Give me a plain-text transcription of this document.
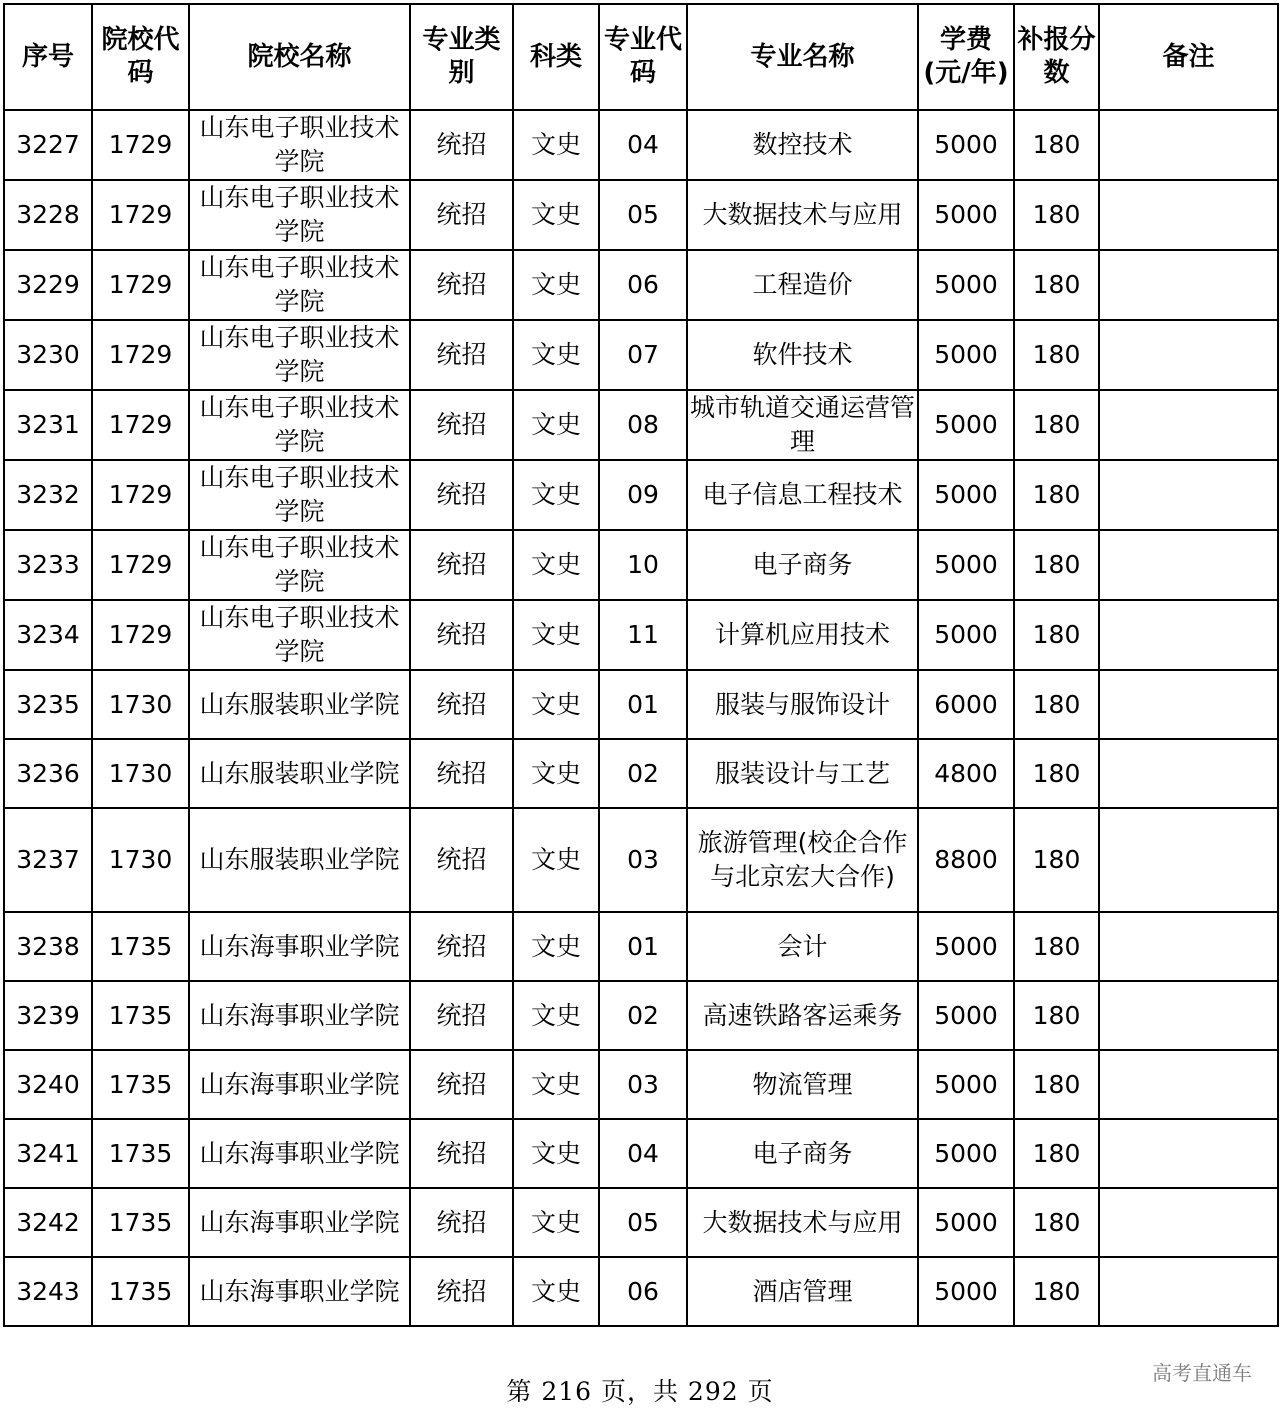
序号	院校代码	院校名称	专业类别	科类	专业代码	专业名称	学费(元/年)	补报分数	备注
3227	1729	山东电子职业技术学院	统招	文史	04	数控技术	5000	180	
3228	1729	山东电子职业技术学院	统招	文史	05	大数据技术与应用	5000	180	
3229	1729	山东电子职业技术学院	统招	文史	06	工程造价	5000	180	
3230	1729	山东电子职业技术学院	统招	文史	07	软件技术	5000	180	
3231	1729	山东电子职业技术学院	统招	文史	08	城市轨道交通运营管理	5000	180	
3232	1729	山东电子职业技术学院	统招	文史	09	电子信息工程技术	5000	180	
3233	1729	山东电子职业技术学院	统招	文史	10	电子商务	5000	180	
3234	1729	山东电子职业技术学院	统招	文史	11	计算机应用技术	5000	180	
3235	1730	山东服装职业学院	统招	文史	01	服装与服饰设计	6000	180	
3236	1730	山东服装职业学院	统招	文史	02	服装设计与工艺	4800	180	
3237	1730	山东服装职业学院	统招	文史	03	旅游管理(校企合作与北京宏大合作)	8800	180	
3238	1735	山东海事职业学院	统招	文史	01	会计	5000	180	
3239	1735	山东海事职业学院	统招	文史	02	高速铁路客运乘务	5000	180	
3240	1735	山东海事职业学院	统招	文史	03	物流管理	5000	180	
3241	1735	山东海事职业学院	统招	文史	04	电子商务	5000	180	
3242	1735	山东海事职业学院	统招	文史	05	大数据技术与应用	5000	180	
3243	1735	山东海事职业学院	统招	文史	06	酒店管理	5000	180	
第 216 页，共 292 页
高考直通车
